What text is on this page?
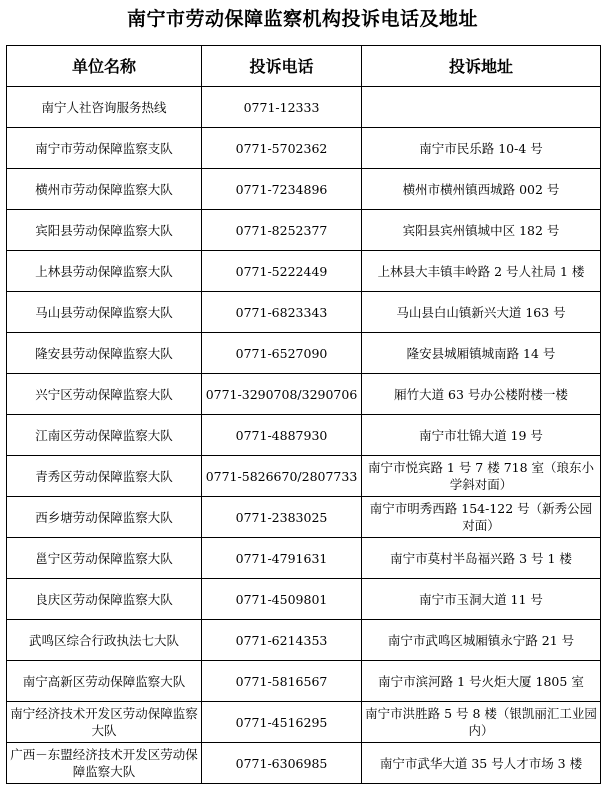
南宁市劳动保障监察机构投诉电话及地址
单位名称	投诉电话	投诉地址
南宁人社咨询服务热线	0771-12333	
南宁市劳动保障监察支队	0771-5702362	南宁市民乐路 10-4 号
横州市劳动保障监察大队	0771-7234896	横州市横州镇西城路 002 号
宾阳县劳动保障监察大队	0771-8252377	宾阳县宾州镇城中区 182 号
上林县劳动保障监察大队	0771-5222449	上林县大丰镇丰岭路 2 号人社局 1 楼
马山县劳动保障监察大队	0771-6823343	马山县白山镇新兴大道 163 号
隆安县劳动保障监察大队	0771-6527090	隆安县城厢镇城南路 14 号
兴宁区劳动保障监察大队	0771-3290708/3290706	厢竹大道 63 号办公楼附楼一楼
江南区劳动保障监察大队	0771-4887930	南宁市壮锦大道 19 号
青秀区劳动保障监察大队	0771-5826670/2807733	南宁市悦宾路 1 号 7 楼 718 室（琅东小学斜对面）
西乡塘劳动保障监察大队	0771-2383025	南宁市明秀西路 154-122 号（新秀公园对面）
邕宁区劳动保障监察大队	0771-4791631	南宁市莫村半岛福兴路 3 号 1 楼
良庆区劳动保障监察大队	0771-4509801	南宁市玉洞大道 11 号
武鸣区综合行政执法七大队	0771-6214353	南宁市武鸣区城厢镇永宁路 21 号
南宁高新区劳动保障监察大队	0771-5816567	南宁市滨河路 1 号火炬大厦 1805 室
南宁经济技术开发区劳动保障监察大队	0771-4516295	南宁市洪胜路 5 号 8 楼（银凯丽汇工业园内）
广西－东盟经济技术开发区劳动保障监察大队	0771-6306985	南宁市武华大道 35 号人才市场 3 楼
